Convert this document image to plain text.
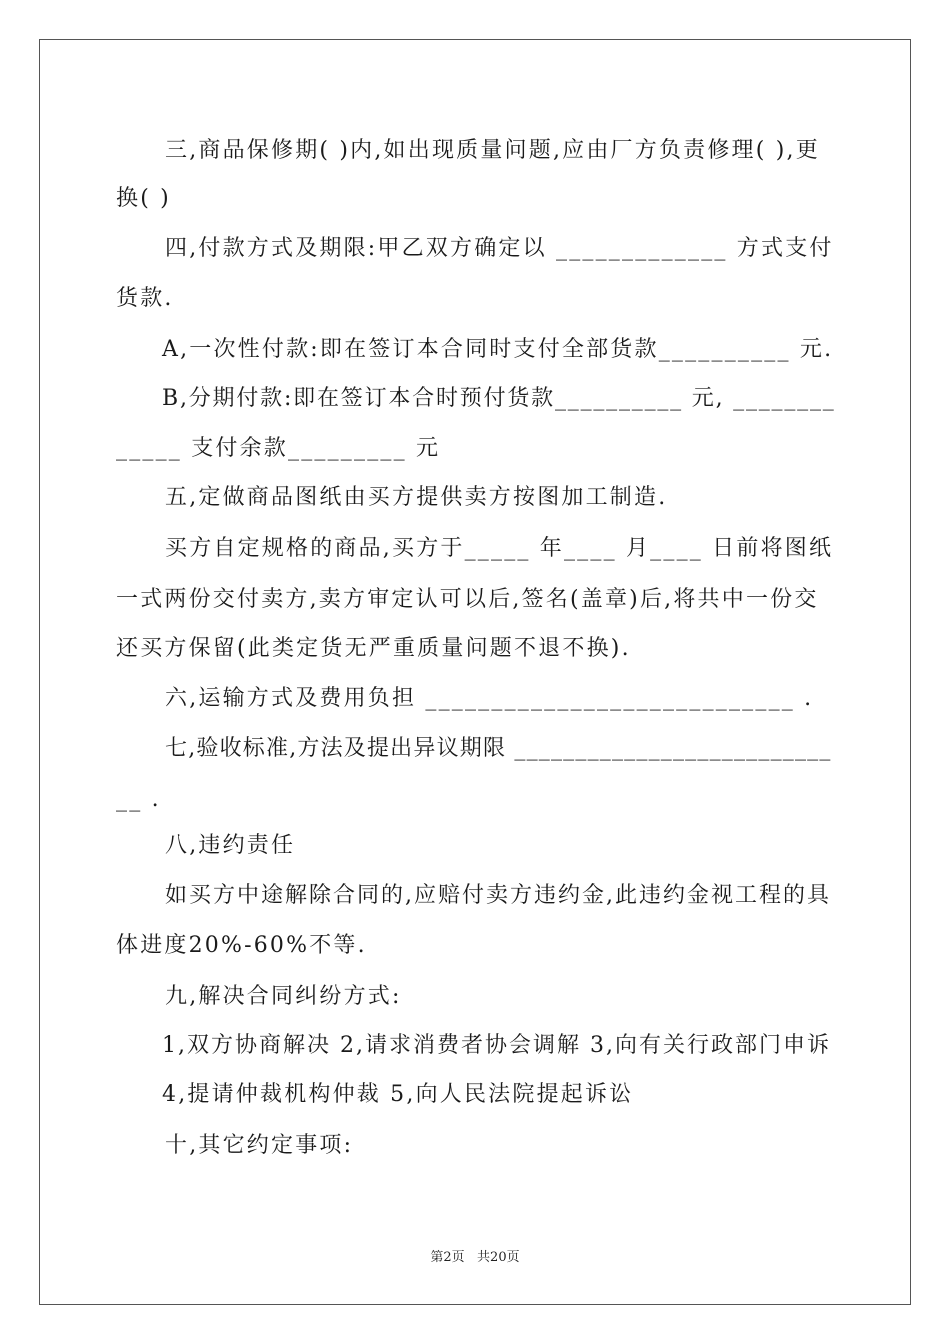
三,商品保修期( )内,如出现质量问题,应由厂方负责修理( ),更
换( )
四,付款方式及期限:甲乙双方确定以 _____________ 方式支付
货款.
A,一次性付款:即在签订本合同时支付全部货款__________ 元.
B,分期付款:即在签订本合时预付货款__________ 元, ________
_____ 支付余款_________ 元
五,定做商品图纸由买方提供卖方按图加工制造.
买方自定规格的商品,买方于_____ 年____ 月____ 日前将图纸
一式两份交付卖方,卖方审定认可以后,签名(盖章)后,将共中一份交
还买方保留(此类定货无严重质量问题不退不换).
六,运输方式及费用负担 ____________________________ .
七,验收标准,方法及提出异议期限 __________________________
__ .
八,违约责任
如买方中途解除合同的,应赔付卖方违约金,此违约金视工程的具
体进度20%-60%不等.
九,解决合同纠纷方式:
1,双方协商解决 2,请求消费者协会调解 3,向有关行政部门申诉
4,提请仲裁机构仲裁 5,向人民法院提起诉讼
十,其它约定事项:
第2页   共20页
